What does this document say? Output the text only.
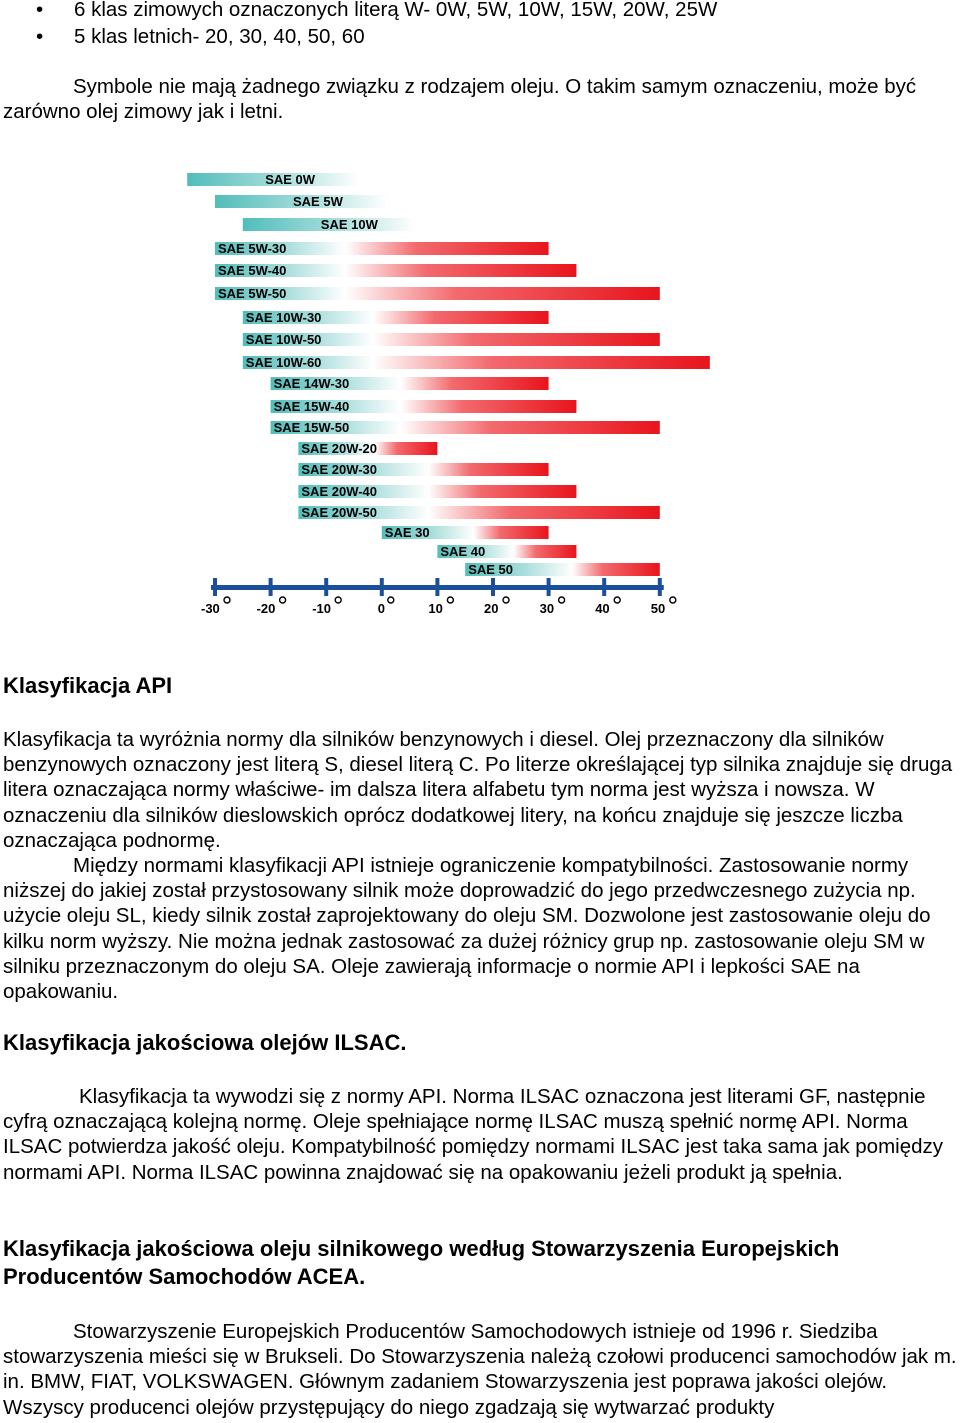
• 6 klas zimowych oznaczonych literą W- 0W, 5W, 10W, 15W, 20W, 25W
• 5 klas letnich- 20, 30, 40, 50, 60

Symbole nie mają żadnego związku z rodzajem oleju. O takim samym oznaczeniu, może być zarówno olej zimowy jak i letni.

SAE 0W
SAE 5W
SAE 10W
SAE 5W-30
SAE 5W-40
SAE 5W-50
SAE 10W-30
SAE 10W-50
SAE 10W-60
SAE 14W-30
SAE 15W-40
SAE 15W-50
SAE 20W-20
SAE 20W-30
SAE 20W-40
SAE 20W-50
SAE 30
SAE 40
SAE 50
-30	-20	-10	0	10	20	30	40	50
Klasyfikacja API

Klasyfikacja ta wyróżnia normy dla silników benzynowych i diesel. Olej przeznaczony dla silników benzynowych oznaczony jest literą S, diesel literą C. Po literze określającej typ silnika znajduje się druga litera oznaczająca normy właściwe- im dalsza litera alfabetu tym norma jest wyższa i nowsza. W oznaczeniu dla silników dieslowskich oprócz dodatkowej litery, na końcu znajduje się jeszcze liczba oznaczająca podnormę.

Między normami klasyfikacji API istnieje ograniczenie kompatybilności. Zastosowanie normy niższej do jakiej został przystosowany silnik może doprowadzić do jego przedwczesnego zużycia np. użycie oleju SL, kiedy silnik został zaprojektowany do oleju SM. Dozwolone jest zastosowanie oleju do kilku norm wyższy. Nie można jednak zastosować za dużej różnicy grup np. zastosowanie oleju SM w silniku przeznaczonym do oleju SA. Oleje zawierają informacje o normie API i lepkości SAE na opakowaniu.

Klasyfikacja jakościowa olejów ILSAC.

Klasyfikacja ta wywodzi się z normy API. Norma ILSAC oznaczona jest literami GF, następnie cyfrą oznaczającą kolejną normę. Oleje spełniające normę ILSAC muszą spełnić normę API. Norma ILSAC potwierdza jakość oleju. Kompatybilność pomiędzy normami ILSAC jest taka sama jak pomiędzy normami API. Norma ILSAC powinna znajdować się na opakowaniu jeżeli produkt ją spełnia.

Klasyfikacja jakościowa oleju silnikowego według Stowarzyszenia Europejskich
Producentów Samochodów ACEA.

Stowarzyszenie Europejskich Producentów Samochodowych istnieje od 1996 r. Siedziba stowarzyszenia mieści się w Brukseli. Do Stowarzyszenia należą czołowi producenci samochodów jak m. in. BMW, FIAT, VOLKSWAGEN. Głównym zadaniem Stowarzyszenia jest poprawa jakości olejów. Wszyscy producenci olejów przystępujący do niego zgadzają się wytwarzać produkty
